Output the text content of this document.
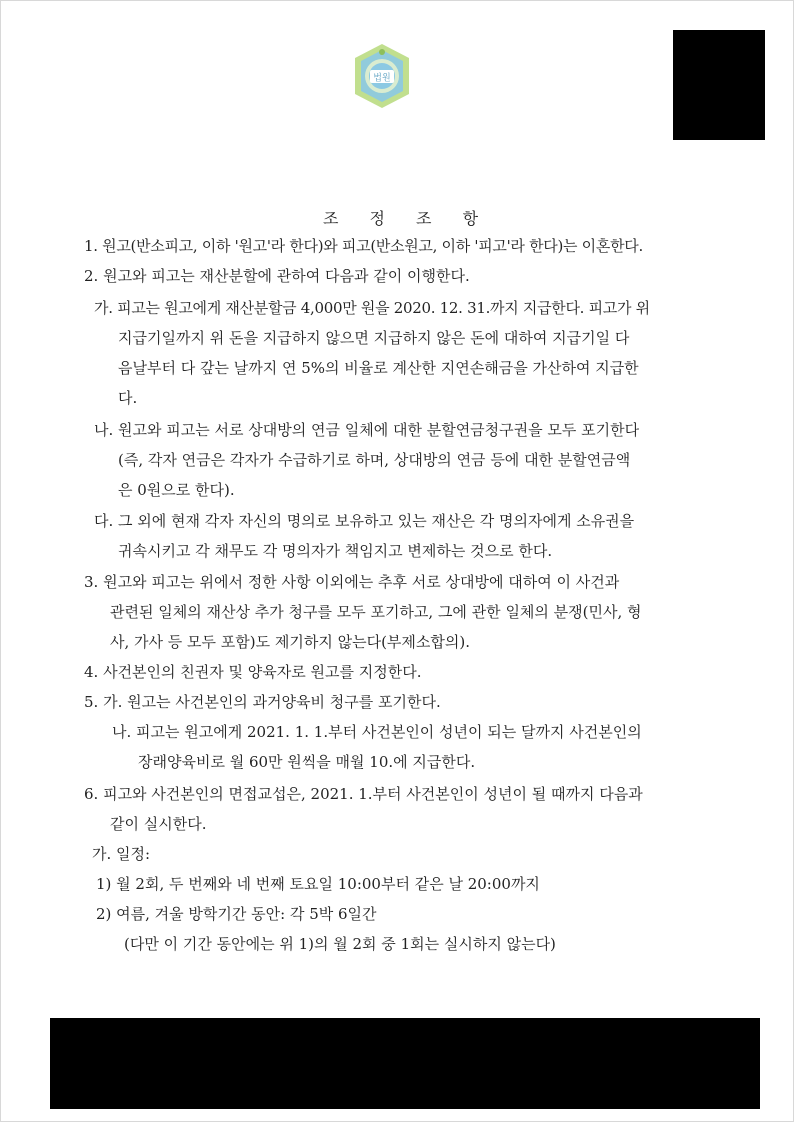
법원
조 정 조 항
1. 원고(반소피고, 이하 '원고'라 한다)와 피고(반소원고, 이하 '피고'라 한다)는 이혼한다.
2. 원고와 피고는 재산분할에 관하여 다음과 같이 이행한다.
가. 피고는 원고에게 재산분할금 4,000만 원을 2020. 12. 31.까지 지급한다. 피고가 위
지급기일까지 위 돈을 지급하지 않으면 지급하지 않은 돈에 대하여 지급기일 다
음날부터 다 갚는 날까지 연 5%의 비율로 계산한 지연손해금을 가산하여 지급한
다.
나. 원고와 피고는 서로 상대방의 연금 일체에 대한 분할연금청구권을 모두 포기한다
(즉, 각자 연금은 각자가 수급하기로 하며, 상대방의 연금 등에 대한 분할연금액
은 0원으로 한다).
다. 그 외에 현재 각자 자신의 명의로 보유하고 있는 재산은 각 명의자에게 소유권을
귀속시키고 각 채무도 각 명의자가 책임지고 변제하는 것으로 한다.
3. 원고와 피고는 위에서 정한 사항 이외에는 추후 서로 상대방에 대하여 이 사건과
관련된 일체의 재산상 추가 청구를 모두 포기하고, 그에 관한 일체의 분쟁(민사, 형
사, 가사 등 모두 포함)도 제기하지 않는다(부제소합의).
4. 사건본인의 친권자 및 양육자로 원고를 지정한다.
5. 가. 원고는 사건본인의 과거양육비 청구를 포기한다.
나. 피고는 원고에게 2021. 1. 1.부터 사건본인이 성년이 되는 달까지 사건본인의
장래양육비로 월 60만 원씩을 매월 10.에 지급한다.
6. 피고와 사건본인의 면접교섭은, 2021. 1.부터 사건본인이 성년이 될 때까지 다음과
같이 실시한다.
가. 일정:
1) 월 2회, 두 번째와 네 번째 토요일 10:00부터 같은 날 20:00까지
2) 여름, 겨울 방학기간 동안: 각 5박 6일간
(다만 이 기간 동안에는 위 1)의 월 2회 중 1회는 실시하지 않는다)
